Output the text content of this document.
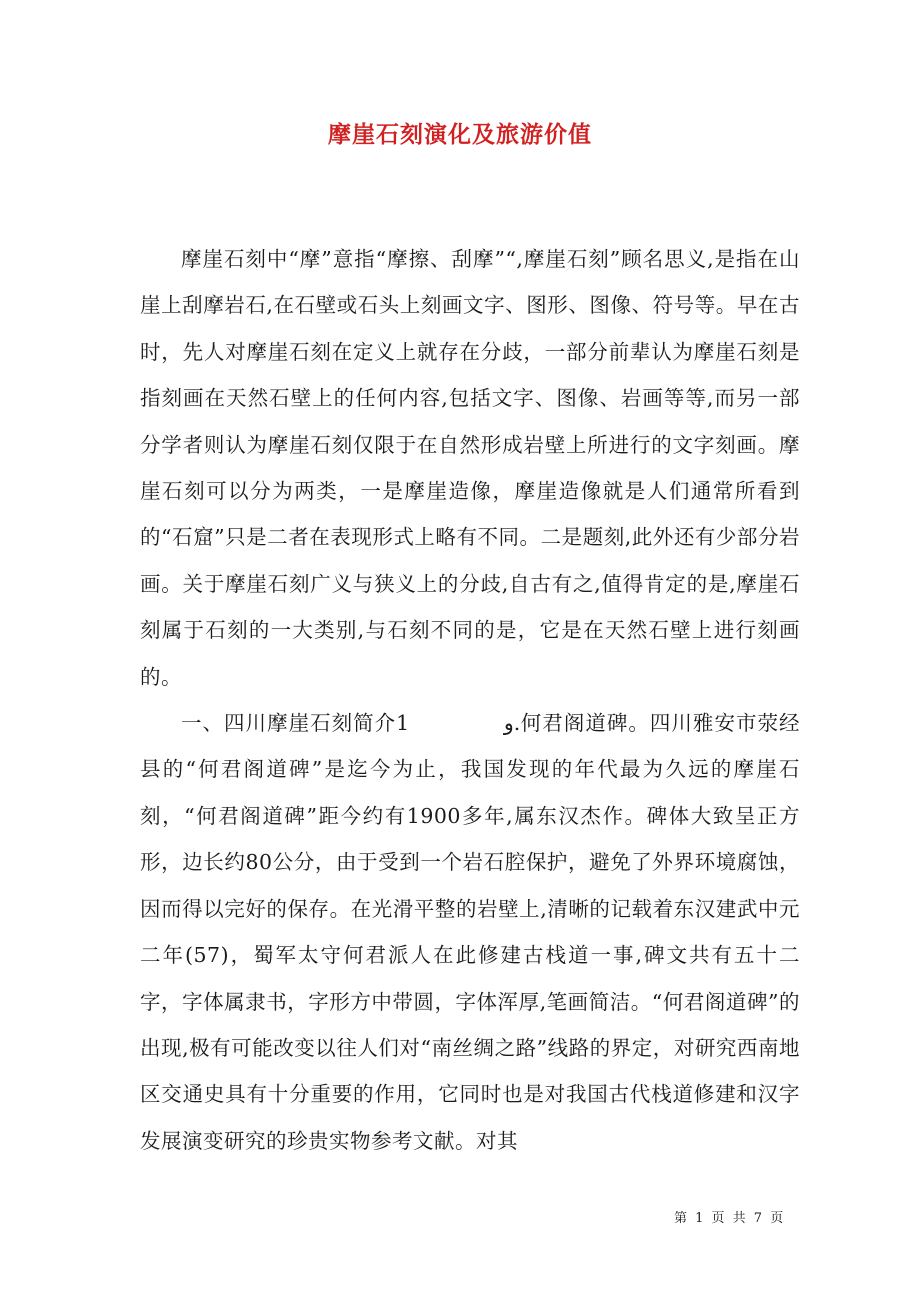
摩崖石刻演化及旅游价值

摩崖石刻中“摩”意指“摩擦、刮摩”“,摩崖石刻”顾名思义,是指在山崖上刮摩岩石,在石壁或石头上刻画文字、图形、图像、符号等。早在古时，先人对摩崖石刻在定义上就存在分歧，一部分前辈认为摩崖石刻是指刻画在天然石壁上的任何内容,包括文字、图像、岩画等等,而另一部分学者则认为摩崖石刻仅限于在自然形成岩壁上所进行的文字刻画。摩崖石刻可以分为两类，一是摩崖造像，摩崖造像就是人们通常所看到的“石窟”只是二者在表现形式上略有不同。二是题刻,此外还有少部分岩画。关于摩崖石刻广义与狭义上的分歧,自古有之,值得肯定的是,摩崖石刻属于石刻的一大类别,与石刻不同的是，它是在天然石壁上进行刻画的。

一、四川摩崖石刻简介1　　　　 و.何君阁道碑。四川雅安市荥经县的“何君阁道碑”是迄今为止，我国发现的年代最为久远的摩崖石刻，“何君阁道碑”距今约有1900多年,属东汉杰作。碑体大致呈正方形，边长约80公分，由于受到一个岩石腔保护，避免了外界环境腐蚀，因而得以完好的保存。在光滑平整的岩壁上,清晰的记载着东汉建武中元二年(57)，蜀军太守何君派人在此修建古栈道一事,碑文共有五十二字，字体属隶书，字形方中带圆，字体浑厚,笔画简洁。“何君阁道碑”的出现,极有可能改变以往人们对“南丝绸之路”线路的界定，对研究西南地区交通史具有十分重要的作用，它同时也是对我国古代栈道修建和汉字发展演变研究的珍贵实物参考文献。对其

第 1 页 共 7 页
